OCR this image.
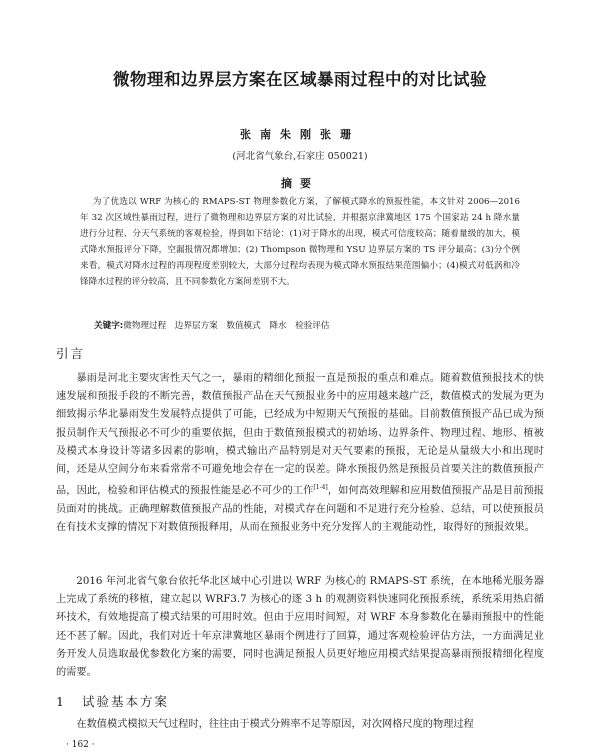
微物理和边界层方案在区域暴雨过程中的对比试验
张南朱刚张珊
(河北省气象台,石家庄 050021)
摘要
为了优选以 WRF 为核心的 RMAPS-ST 物理参数化方案，了解模式降水的预报性能，本文针对 2006—2016 年 32 次区域性暴雨过程，进行了微物理和边界层方案的对比试验，并根据京津冀地区 175 个国家站 24 h 降水量进行分过程、分天气系统的客观检验，得到如下结论：(1)对于降水的出现，模式可信度较高；随着量级的加大，模式降水预报评分下降，空漏报情况都增加；(2) Thompson 微物理和 YSU 边界层方案的 TS 评分最高；(3)分个例来看，模式对降水过程的再现程度差别较大，大部分过程均表现为模式降水预报结果范围偏小；(4)模式对低涡和冷锋降水过程的评分较高，且不同参数化方案间差别不大。
关键字:微物理过程　边界层方案　数值模式　降水　检验评估
引言
暴雨是河北主要灾害性天气之一，暴雨的精细化预报一直是预报的重点和难点。随着数值预报技术的快速发展和预报手段的不断完善，数值预报产品在天气预报业务中的应用越来越广泛，数值模式的发展为更为细致揭示华北暴雨发生发展特点提供了可能，已经成为中短期天气预报的基础。目前数值预报产品已成为预报员制作天气预报必不可少的重要依据，但由于数值预报模式的初始场、边界条件、物理过程、地形、植被及模式本身设计等诸多因素的影响，模式输出产品特别是对天气要素的预报，无论是从量级大小和出现时间，还是从空间分布来看常常不可避免地会存在一定的误差。降水预报仍然是预报员首要关注的数值预报产品，因此，检验和评估模式的预报性能是必不可少的工作[1-4]，如何高效理解和应用数值预报产品是目前预报员面对的挑战。正确理解数值预报产品的性能，对模式存在问题和不足进行充分检验、总结，可以使预报员在有技术支撑的情况下对数值预报释用，从而在预报业务中充分发挥人的主观能动性，取得好的预报效果。
2016 年河北省气象台依托华北区域中心引进以 WRF 为核心的 RMAPS-ST 系统，在本地稀光服务器上完成了系统的移植，建立起以 WRF3.7 为核心的逐 3 h 的观测资料快速同化预报系统，系统采用热启循环技术，有效地提高了模式结果的可用时效。但由于应用时间短，对 WRF 本身参数化在暴雨预报中的性能还不甚了解。因此，我们对近十年京津冀地区暴雨个例进行了回算，通过客观检验评估方法，一方面满足业务开发人员选取最优参数化方案的需要，同时也满足预报人员更好地应用模式结果提高暴雨预报精细化程度的需要。
1 试验基本方案
在数值模式模拟天气过程时，往往由于模式分辨率不足等原因，对次网格尺度的物理过程
· 162 ·
